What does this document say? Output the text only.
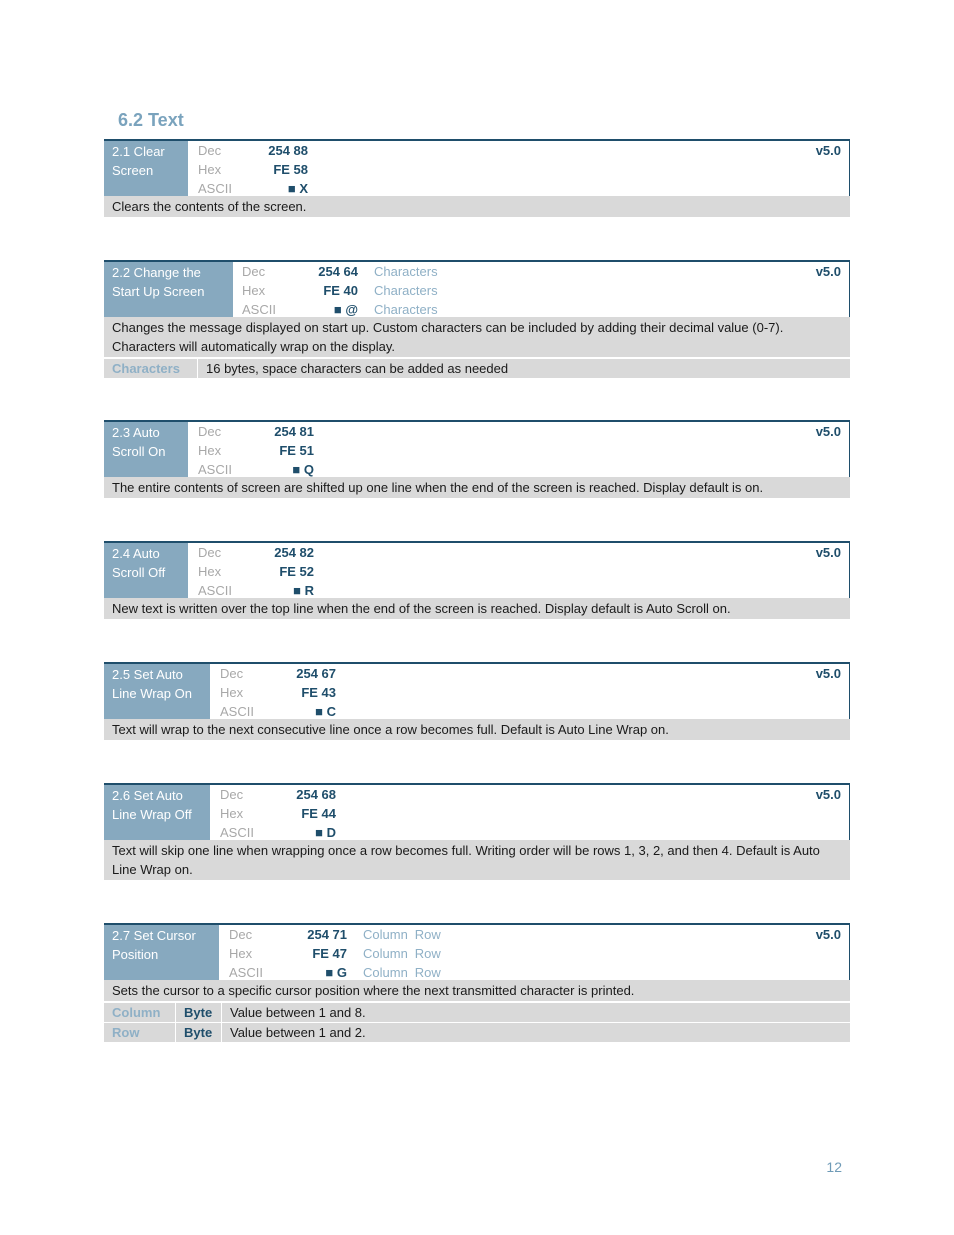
6.2 Text
2.1 Clear
Screen
Dec	254 88
Hex	FE 58
ASCII	■ X
v5.0
Clears the contents of the screen.
2.2 Change the
Start Up Screen
Dec	254 64 Characters
Hex	FE 40 Characters
ASCII	■ @ Characters
v5.0
Changes the message displayed on start up. Custom characters can be included by adding their decimal value (0-7). Characters will automatically wrap on the display.
Characters	16 bytes, space characters can be added as needed
2.3 Auto
Scroll On
Dec	254 81
Hex	FE 51
ASCII	■ Q
v5.0
The entire contents of screen are shifted up one line when the end of the screen is reached. Display default is on.
2.4 Auto
Scroll Off
Dec	254 82
Hex	FE 52
ASCII	■ R
v5.0
New text is written over the top line when the end of the screen is reached. Display default is Auto Scroll on.
2.5 Set Auto
Line Wrap On
Dec	254 67
Hex	FE 43
ASCII	■ C
v5.0
Text will wrap to the next consecutive line once a row becomes full. Default is Auto Line Wrap on.
2.6 Set Auto
Line Wrap Off
Dec	254 68
Hex	FE 44
ASCII	■ D
v5.0
Text will skip one line when wrapping once a row becomes full. Writing order will be rows 1, 3, 2, and then 4. Default is Auto Line Wrap on.
2.7 Set Cursor
Position
Dec	254 71 Column Row
Hex	FE 47 Column Row
ASCII	■ G Column Row
v5.0
Sets the cursor to a specific cursor position where the next transmitted character is printed.
Column	Byte	Value between 1 and 8.
Row	Byte	Value between 1 and 2.
12
